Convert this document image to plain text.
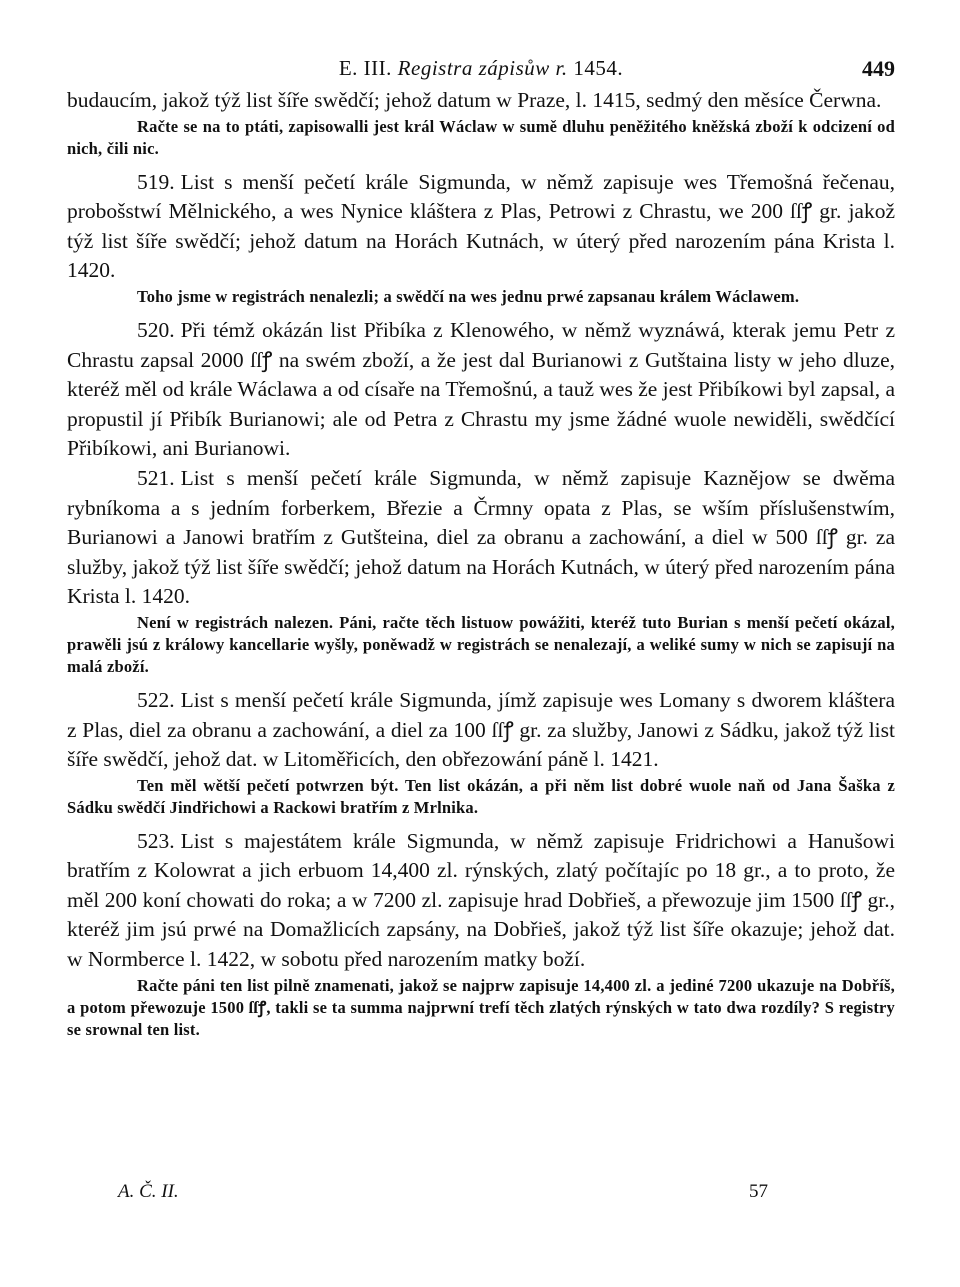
E. III. Registra zápisůw r. 1454.	449

budaucím, jakož týž list šíře swědčí; jehož datum w Praze, l. 1415, sedmý den měsíce Čerwna.

Račte se na to ptáti, zapisowalli jest král Wáclaw w sumě dluhu peněžitého kněžská zboží k odcizení od nich, čili nic.

519. List s menší pečetí krále Sigmunda, w němž zapisuje wes Třemošná řečenau, probošstwí Mělnického, a wes Nynice kláštera z Plas, Petrowi z Chrastu, we 200 ſſꝭ gr. jakož týž list šíře swědčí; jehož datum na Horách Kutnách, w úterý před narozením pána Krista l. 1420.

Toho jsme w registrách nenalezli; a swědčí na wes jednu prwé zapsanau králem Wáclawem.

520. Při témž okázán list Přibíka z Klenowého, w němž wyznáwá, kterak jemu Petr z Chrastu zapsal 2000 ſſꝭ na swém zboží, a že jest dal Burianowi z Gutštaina listy w jeho dluze, kteréž měl od krále Wáclawa a od císaře na Třemošnú, a tauž wes že jest Přibíkowi byl zapsal, a propustil jí Přibík Burianowi; ale od Petra z Chrastu my jsme žádné wuole newiděli, swědčící Přibíkowi, ani Burianowi.

521. List s menší pečetí krále Sigmunda, w němž zapisuje Kaznějow se dwěma rybníkoma a s jedním forberkem, Březie a Črmny opata z Plas, se wším příslušenstwím, Burianowi a Janowi bratřím z Gutšteina, diel za obranu a zachowání, a diel w 500 ſſꝭ gr. za služby, jakož týž list šíře swědčí; jehož datum na Horách Kutnách, w úterý před narozením pána Krista l. 1420.

Není w registrách nalezen. Páni, račte těch listuow powážiti, kteréž tuto Burian s menší pečetí okázal, prawěli jsú z králowy kancellarie wyšly, poněwadž w registrách se nenalezají, a weliké sumy w nich se zapisují na malá zboží.

522. List s menší pečetí krále Sigmunda, jímž zapisuje wes Lomany s dworem kláštera z Plas, diel za obranu a zachowání, a diel za 100 ſſꝭ gr. za služby, Janowi z Sádku, jakož týž list šíře swědčí, jehož dat. w Litoměřicích, den obřezowání páně l. 1421.

Ten měl wětší pečetí potwrzen být. Ten list okázán, a při něm list dobré wuole naň od Jana Šaška z Sádku swědčí Jindřichowi a Rackowi bratřím z Mrlnika.

523. List s majestátem krále Sigmunda, w němž zapisuje Fridrichowi a Hanušowi bratřím z Kolowrat a jich erbuom 14,400 zl. rýnských, zlatý počítajíc po 18 gr., a to proto, že měl 200 koní chowati do roka; a w 7200 zl. zapisuje hrad Dobřieš, a přewozuje jim 1500 ſſꝭ gr., kteréž jim jsú prwé na Domažlicích zapsány, na Dobřieš, jakož týž list šíře okazuje; jehož dat. w Normberce l. 1422, w sobotu před narozením matky boží.

Račte páni ten list pilně znamenati, jakož se najprw zapisuje 14,400 zl. a jediné 7200 ukazuje na Dobříš, a potom přewozuje 1500 ſſꝭ, takli se ta summa najprwní trefí těch zlatých rýnských w tato dwa rozdíly? S registry se srownal ten list.

A. Č. II.	57
